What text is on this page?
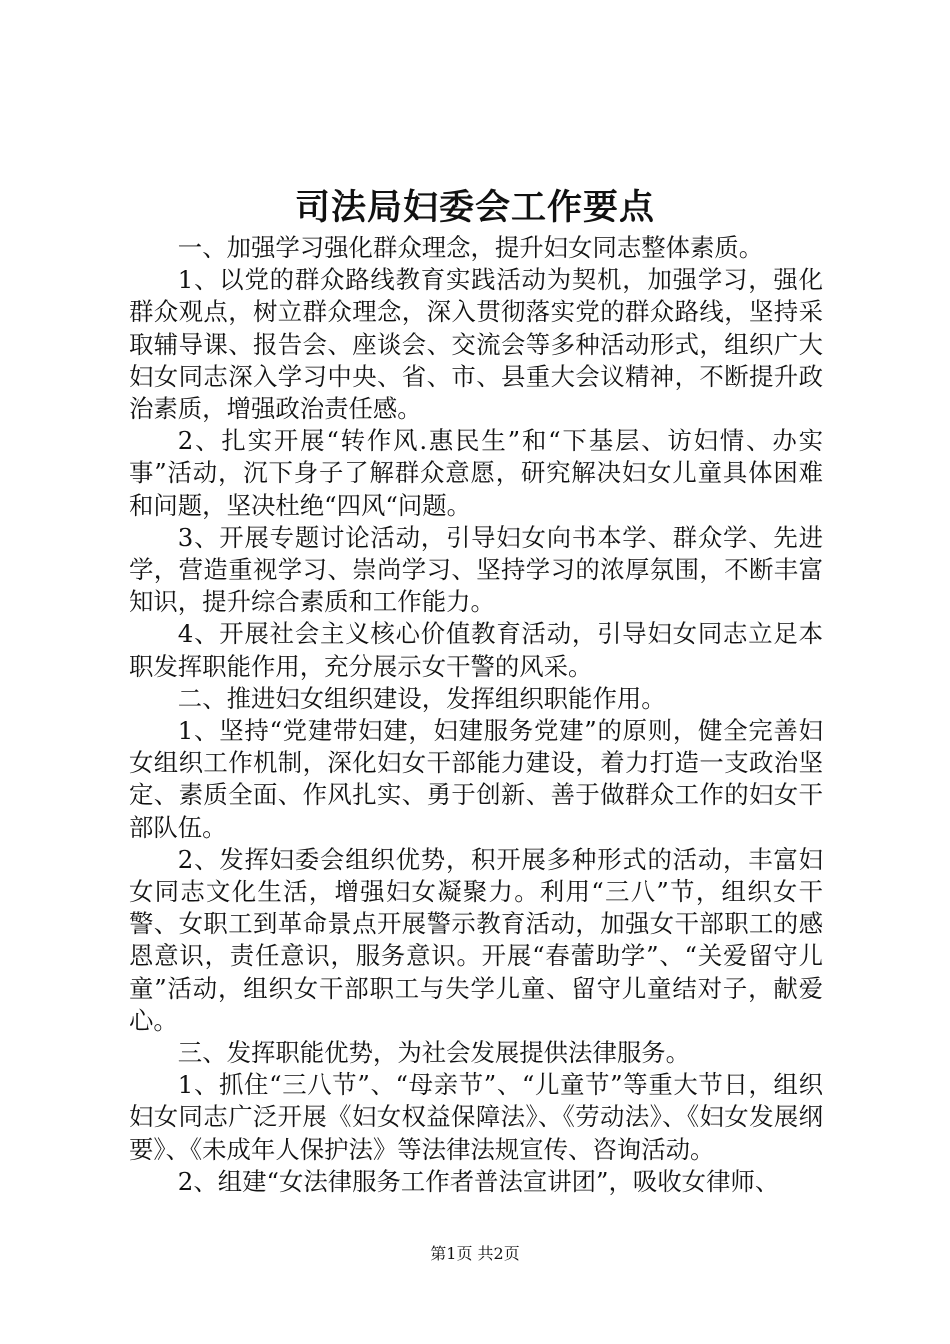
司法局妇委会工作要点

一、加强学习强化群众理念，提升妇女同志整体素质。

1、以党的群众路线教育实践活动为契机，加强学习，强化群众观点，树立群众理念，深入贯彻落实党的群众路线，坚持采取辅导课、报告会、座谈会、交流会等多种活动形式，组织广大妇女同志深入学习中央、省、市、县重大会议精神，不断提升政治素质，增强政治责任感。

2、扎实开展“转作风.惠民生”和“下基层、访妇情、办实事”活动，沉下身子了解群众意愿，研究解决妇女儿童具体困难和问题，坚决杜绝“四风“问题。

3、开展专题讨论活动，引导妇女向书本学、群众学、先进学，营造重视学习、崇尚学习、坚持学习的浓厚氛围，不断丰富知识，提升综合素质和工作能力。

4、开展社会主义核心价值教育活动，引导妇女同志立足本职发挥职能作用，充分展示女干警的风采。

二、推进妇女组织建设，发挥组织职能作用。

1、坚持“党建带妇建，妇建服务党建”的原则，健全完善妇女组织工作机制，深化妇女干部能力建设，着力打造一支政治坚定、素质全面、作风扎实、勇于创新、善于做群众工作的妇女干部队伍。

2、发挥妇委会组织优势，积开展多种形式的活动，丰富妇女同志文化生活，增强妇女凝聚力。利用“三八”节，组织女干警、女职工到革命景点开展警示教育活动，加强女干部职工的感恩意识，责任意识，服务意识。开展“春蕾助学”、“关爱留守儿童”活动，组织女干部职工与失学儿童、留守儿童结对子，献爱心。

三、发挥职能优势，为社会发展提供法律服务。

1、抓住“三八节”、“母亲节”、“儿童节”等重大节日，组织妇女同志广泛开展《妇女权益保障法》、《劳动法》、《妇女发展纲要》、《未成年人保护法》等法律法规宣传、咨询活动。

2、组建“女法律服务工作者普法宣讲团”，吸收女律师、

第1页 共2页
